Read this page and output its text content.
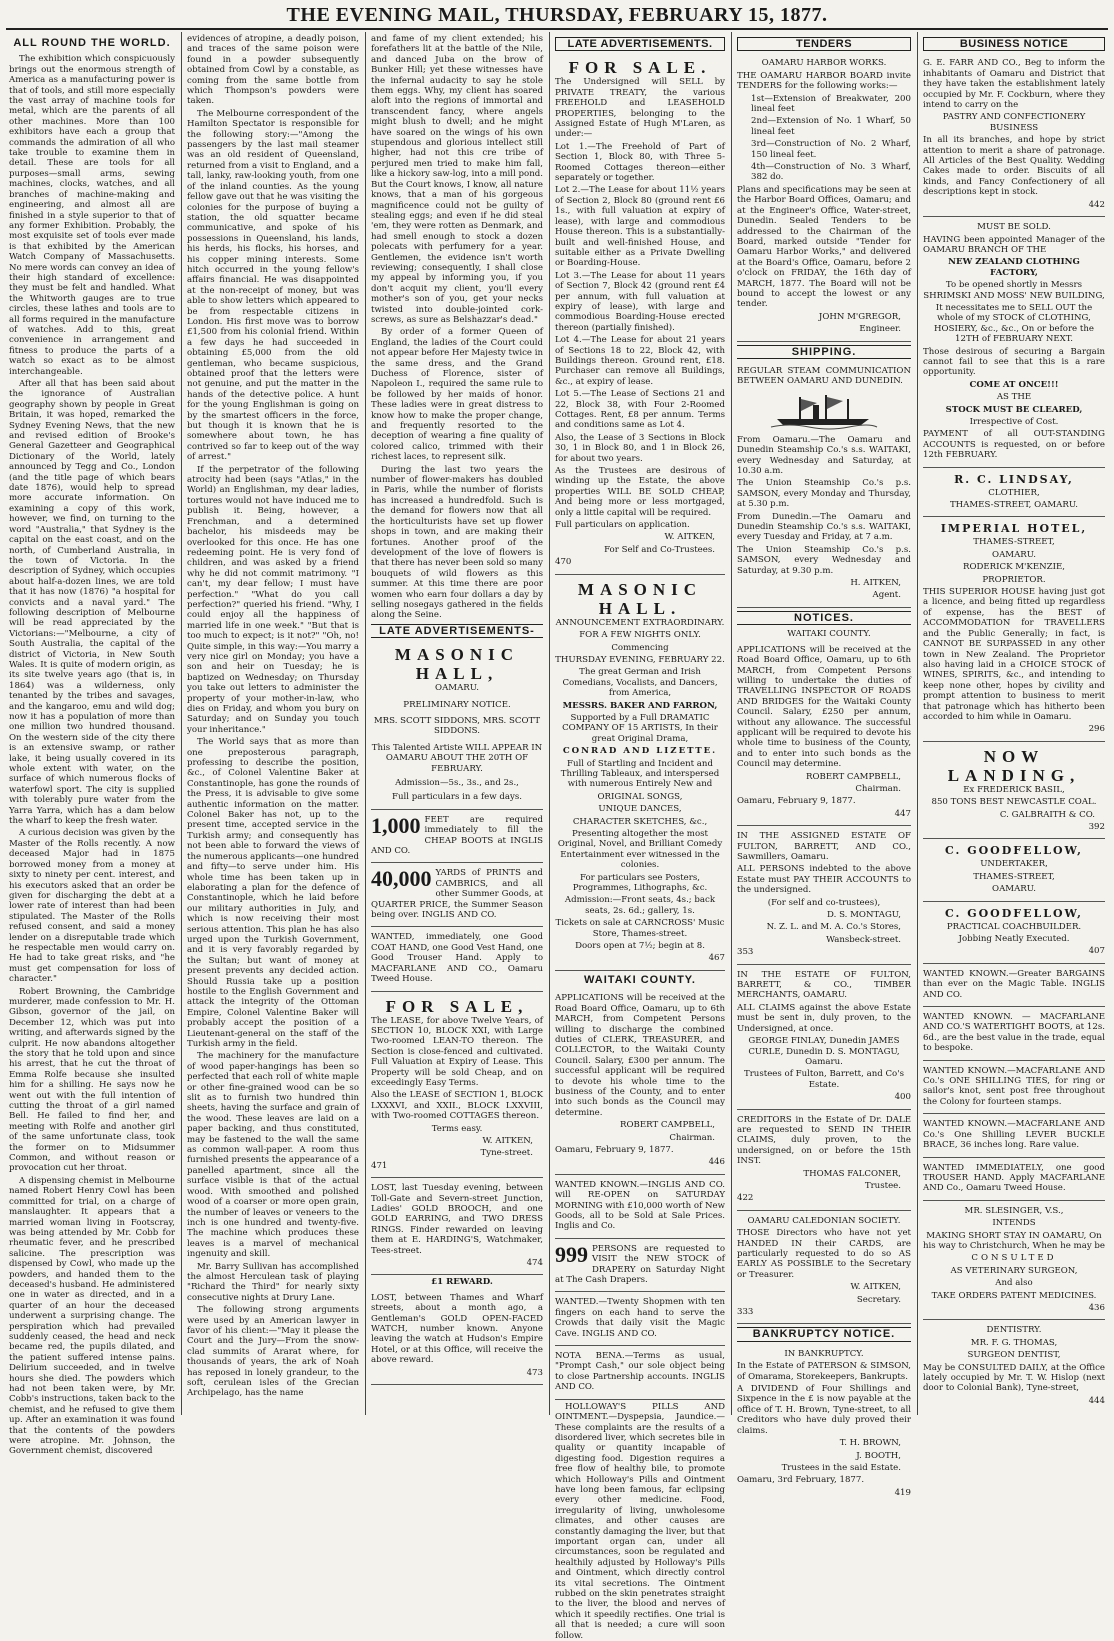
THE EVENING MAIL, THURSDAY, FEBRUARY 15, 1877.
ALL ROUND THE WORLD.

The exhibition which conspicuously brings out the enormous strength of America as a manufacturing power is that of tools, and still more especially the vast array of machine tools for metal, which are the parents of all other machines. More than 100 exhibitors have each a group that commands the admiration of all who take trouble to examine them in detail. These are tools for all purposes—small arms, sewing machines, clocks, watches, and all branches of machine-making and engineering, and almost all are finished in a style superior to that of any former Exhibition. Probably, the most exquisite set of tools ever made is that exhibited by the American Watch Company of Massachusetts. No mere words can convey an idea of their high standard of excellence: they must be felt and handled. What the Whitworth gauges are to true circles, these lathes and tools are to all forms required in the manufacture of watches. Add to this, great convenience in arrangement and fitness to produce the parts of a watch so exact as to be almost interchangeable.

After all that has been said about the ignorance of Australian geography shown by people in Great Britain, it was hoped, remarked the Sydney Evening News, that the new and revised edition of Brooke's General Gazetteer and Geographical Dictionary of the World, lately announced by Tegg and Co., London (and the title page of which bears date 1876), would help to spread more accurate information. On examining a copy of this work, however, we find, on turning to the word "Australia," that Sydney is the capital on the east coast, and on the north, of Cumberland Australia, in the town of Victoria. In the description of Sydney, which occupies about half-a-dozen lines, we are told that it has now (1876) "a hospital for convicts and a naval yard." The following description of Melbourne will be read appreciated by the Victorians:—"Melbourne, a city of South Australia, the capital of the district of Victoria, in New South Wales. It is quite of modern origin, as its site twelve years ago (that is, in 1864) was a wilderness, only tenanted by the tribes and savages, and the kangaroo, emu and wild dog; now it has a population of more than one million two hundred thousand. On the western side of the city there is an extensive swamp, or rather lake, it being usually covered in its whole extent with water, on the surface of which numerous flocks of waterfowl sport. The city is supplied with tolerably pure water from the Yarra Yarra, which has a dam below the wharf to keep the fresh water.

A curious decision was given by the Master of the Rolls recently. A now deceased Major had in 1875 borrowed money from a money at sixty to ninety per cent. interest, and his executors asked that an order be given for discharging the debt at a lower rate of interest than had been stipulated. The Master of the Rolls refused consent, and said a money lender on a disreputable trade which he respectable men would carry on. He had to take great risks, and "he must get compensation for loss of character."

Robert Browning, the Cambridge murderer, made confession to Mr. H. Gibson, governor of the jail, on December 12, which was put into writing, and afterwards signed by the culprit. He now abandons altogether the story that he told upon and since his arrest, that he cut the throat of Emma Rolfe because she insulted him for a shilling. He says now he went out with the full intention of cutting the throat of a girl named Bell. He failed to find her, and meeting with Rolfe and another girl of the same unfortunate class, took the former on to Midsummer Common, and without reason or provocation cut her throat.

A dispensing chemist in Melbourne named Robert Henry Cowl has been committed for trial, on a charge of manslaughter. It appears that a married woman living in Footscray, was being attended by Mr. Cobb for rheumatic fever, and he prescribed salicine. The prescription was dispensed by Cowl, who made up the powders, and handed them to the deceased's husband. He administered one in water as directed, and in a quarter of an hour the deceased underwent a surprising change. The perspiration which had prevailed suddenly ceased, the head and neck became red, the pupils dilated, and the patient suffered intense pains. Delirium succeeded, and in twelve hours she died. The powders which had not been taken were, by Mr. Cobb's instructions, taken back to the chemist, and he refused to give them up. After an examination it was found that the contents of the powders were atropine. Mr. Johnson, the Government chemist, discovered

evidences of atropine, a deadly poison, and traces of the same poison were found in a powder subsequently obtained from Cowl by a constable, as coming from the same bottle from which Thompson's powders were taken.

The Melbourne correspondent of the Hamilton Spectator is responsible for the following story:—"Among the passengers by the last mail steamer was an old resident of Queensland, returned from a visit to England, and a tall, lanky, raw-looking youth, from one of the inland counties. As the young fellow gave out that he was visiting the colonies for the purpose of buying a station, the old squatter became communicative, and spoke of his possessions in Queensland, his lands, his herds, his flocks, his horses, and his copper mining interests. Some hitch occurred in the young fellow's affairs financial. He was disappointed at the non-receipt of money, but was able to show letters which appeared to be from respectable citizens in London. His first move was to borrow £1,500 from his colonial friend. Within a few days he had succeeded in obtaining £5,000 from the old gentleman, who became suspicious, obtained proof that the letters were not genuine, and put the matter in the hands of the detective police. A hunt for the young Englishman is going on by the smartest officers in the force, but though it is known that he is somewhere about town, he has contrived so far to keep out of the way of arrest."

If the perpetrator of the following atrocity had been (says "Atlas," in the World) an Englishman, my dear ladies, tortures would not have induced me to publish it. Being, however, a Frenchman, and a determined bachelor, his misdeeds may be overlooked for this once. He has one redeeming point. He is very fond of children, and was asked by a friend why he did not commit matrimony. "I can't, my dear fellow; I must have perfection." "What do you call perfection?" queried his friend. "Why, I could enjoy all the happiness of married life in one week." "But that is too much to expect; is it not?" "Oh, no! Quite simple, in this way:—You marry a very nice girl on Monday; you have a son and heir on Tuesday; he is baptized on Wednesday; on Thursday you take out letters to administer the property of your mother-in-law, who dies on Friday, and whom you bury on Saturday; and on Sunday you touch your inheritance."

The World says that as more than one preposterous paragraph, professing to describe the position, &c., of Colonel Valentine Baker at Constantinople, has gone the rounds of the Press, it is advisable to give some authentic information on the matter. Colonel Baker has not, up to the present time, accepted service in the Turkish army; and consequently has not been able to forward the views of the numerous applicants—one hundred and fifty—to serve under him. His whole time has been taken up in elaborating a plan for the defence of Constantinople, which he laid before our military authorities in July, and which is now receiving their most serious attention. This plan he has also urged upon the Turkish Government, and it is very favorably regarded by the Sultan; but want of money at present prevents any decided action. Should Russia take up a position hostile to the English Government and attack the integrity of the Ottoman Empire, Colonel Valentine Baker will probably accept the position of a Lieutenant-general on the staff of the Turkish army in the field.

The machinery for the manufacture of wood paper-hangings has been so perfected that each roll of white maple or other fine-grained wood can be so slit as to furnish two hundred thin sheets, having the surface and grain of the wood. These leaves are laid on a paper backing, and thus constituted, may be fastened to the wall the same as common wall-paper. A room thus furnished presents the appearance of a panelled apartment, since all the surface visible is that of the actual wood. With smoothed and polished wood of a coarser or more open grain, the number of leaves or veneers to the inch is one hundred and twenty-five. The machine which produces these leaves is a marvel of mechanical ingenuity and skill.

Mr. Barry Sullivan has accomplished the almost Herculean task of playing "Richard the Third" for nearly sixty consecutive nights at Drury Lane.

The following strong arguments were used by an American lawyer in favor of his client:—"May it please the Court and the Jury—From the snow-clad summits of Ararat where, for thousands of years, the ark of Noah has reposed in lonely grandeur, to the soft, cerulean isles of the Grecian Archipelago, has the name

and fame of my client extended; his forefathers lit at the battle of the Nile, and danced Juba on the brow of Bunker Hill; yet these witnesses have the infernal audacity to say he stole them eggs. Why, my client has soared aloft into the regions of immortal and transcendent fancy, where angels might blush to dwell; and he might have soared on the wings of his own stupendous and glorious intellect still higher, had not this cre tribe of perjured men tried to make him fall, like a hickory saw-log, into a mill pond. But the Court knows, I know, all nature knows, that a man of his gorgeous magnificence could not be guilty of stealing eggs; and even if he did steal 'em, they were rotten as Denmark, and had smell enough to stock a dozen polecats with perfumery for a year. Gentlemen, the evidence isn't worth reviewing; consequently, I shall close my appeal by informing you, if you don't acquit my client, you'll every mother's son of you, get your necks twisted into double-jointed cork-screws, as sure as Belshazzar's dead."

By order of a former Queen of England, the ladies of the Court could not appear before Her Majesty twice in the same dress, and the Grand Duchess of Florence, sister of Napoleon I., required the same rule to be followed by her maids of honor. These ladies were in great distress to know how to make the proper change, and frequently resorted to the deception of wearing a fine quality of colored calico, trimmed with their richest laces, to represent silk.

During the last two years the number of flower-makers has doubled in Paris, while the number of florists has increased a hundredfold. Such is the demand for flowers now that all the horticulturists have set up flower shops in town, and are making their fortunes. Another proof of the development of the love of flowers is that there has never been sold so many bouquets of wild flowers as this summer. At this time there are poor women who earn four dollars a day by selling nosegays gathered in the fields along the Seine.

LATE ADVERTISEMENTS-
MASONIC HALL,

OAMARU.

PRELIMINARY NOTICE.

MRS. SCOTT SIDDONS, MRS. SCOTT SIDDONS.

This Talented Artiste WILL APPEAR IN OAMARU ABOUT THE 20TH OF FEBRUARY.

Admission—5s., 3s., and 2s.,

Full particulars in a few days.

1,000 FEET are required immediately to fill the CHEAP BOOTS at INGLIS AND CO.

40,000 YARDS of PRINTS and CAMBRICS, and all other Summer Goods, at QUARTER PRICE, the Summer Season being over. INGLIS AND CO.

WANTED, immediately, one Good COAT HAND, one Good Vest Hand, one Good Trouser Hand. Apply to MACFARLANE AND CO., Oamaru Tweed House.

FOR SALE,

The LEASE, for above Twelve Years, of SECTION 10, BLOCK XXI, with Large Two-roomed LEAN-TO thereon. The Section is close-fenced and cultivated. Full Valuation at Expiry of Lease. This Property will be sold Cheap, and on exceedingly Easy Terms.

Also the LEASE of SECTION 1, BLOCK LXXXVI, and XXII., BLOCK LXXVIII, with Two-roomed COTTAGES thereon.

Terms easy.

W. AITKEN,

Tyne-street.

471

LOST, last Tuesday evening, between Toll-Gate and Severn-street Junction, Ladies' GOLD BROOCH, and one GOLD EARRING, and TWO DRESS RINGS. Finder rewarded on leaving them at E. HARDING'S, Watchmaker, Tees-street.

474

£1 REWARD.

LOST, between Thames and Wharf streets, about a month ago, a Gentleman's GOLD OPEN-FACED WATCH, number known. Anyone leaving the watch at Hudson's Empire Hotel, or at this Office, will receive the above reward.

473

LATE ADVERTISEMENTS.
FOR SALE.

The Undersigned will SELL by PRIVATE TREATY, the various FREEHOLD and LEASEHOLD PROPERTIES, belonging to the Assigned Estate of Hugh M'Laren, as under:—

Lot 1.—The Freehold of Part of Section 1, Block 80, with Three 5-Roomed Cottages thereon—either separately or together.

Lot 2.—The Lease for about 11½ years of Section 2, Block 80 (ground rent £6 1s., with full valuation at expiry of lease), with large and commodious House thereon. This is a substantially-built and well-finished House, and suitable either as a Private Dwelling or Boarding-House.

Lot 3.—The Lease for about 11 years of Section 7, Block 42 (ground rent £4 per annum, with full valuation at expiry of lease), with large and commodious Boarding-House erected thereon (partially finished).

Lot 4.—The Lease for about 21 years of Sections 18 to 22, Block 42, with Buildings thereon. Ground rent, £18. Purchaser can remove all Buildings, &c., at expiry of lease.

Lot 5.—The Lease of Sections 21 and 22, Block 38, with Four 2-Roomed Cottages. Rent, £8 per annum. Terms and conditions same as Lot 4.

Also, the Lease of 3 Sections in Block 30, 1 in Block 80, and 1 in Block 26, for about two years.

As the Trustees are desirous of winding up the Estate, the above properties WILL BE SOLD CHEAP, And being more or less mortgaged, only a little capital will be required.

Full particulars on application.

W. AITKEN,

For Self and Co-Trustees.

470

MASONIC HALL.

ANNOUNCEMENT EXTRAORDINARY.

FOR A FEW NIGHTS ONLY.

Commencing

THURSDAY EVENING, FEBRUARY 22.

The great German and Irish Comedians, Vocalists, and Dancers, from America,

MESSRS. BAKER AND FARRON,

Supported by a Full DRAMATIC COMPANY OF 15 ARTISTS, In their great Original Drama,

CONRAD AND LIZETTE.

Full of Startling and Incident and Thrilling Tableaux, and interspersed with numerous Entirely New and

ORIGINAL SONGS,

UNIQUE DANCES,

CHARACTER SKETCHES, &c.,

Presenting altogether the most Original, Novel, and Brilliant Comedy Entertainment ever witnessed in the colonies.

For particulars see Posters, Programmes, Lithographs, &c.

Admission:—Front seats, 4s.; back seats, 2s. 6d.; gallery, 1s.

Tickets on sale at CARNCROSS' Music Store, Thames-street.

Doors open at 7½; begin at 8.

467

WAITAKI COUNTY.

APPLICATIONS will be received at the Road Board Office, Oamaru, up to 6th MARCH, from Competent Persons willing to discharge the combined duties of CLERK, TREASURER, and COLLECTOR, to the Waitaki County Council. Salary, £300 per annum. The successful applicant will be required to devote his whole time to the business of the County, and to enter into such bonds as the Council may determine.

ROBERT CAMPBELL,

Chairman.

Oamaru, February 9, 1877.

446

WANTED KNOWN.—INGLIS AND CO. will RE-OPEN on SATURDAY MORNING with £10,000 worth of New Goods, all to be Sold at Sale Prices. Inglis and Co.

999 PERSONS are requested to VISIT the NEW STOCK of DRAPERY on Saturday Night at The Cash Drapers.

WANTED.—Twenty Shopmen with ten fingers on each hand to serve the Crowds that daily visit the Magic Cave. INGLIS AND CO.

NOTA BENA.—Terms as usual, "Prompt Cash," our sole object being to close Partnership accounts. INGLIS AND CO.

HOLLOWAY'S PILLS AND OINTMENT.—Dyspepsia, Jaundice.—These complaints are the results of a disordered liver, which secretes bile in quality or quantity incapable of digesting food. Digestion requires a free flow of healthy bile, to promote which Holloway's Pills and Ointment have long been famous, far eclipsing every other medicine. Food, irregularity of living, unwholesome climates, and other causes are constantly damaging the liver, but that important organ can, under all circumstances, soon be regulated and healthily adjusted by Holloway's Pills and Ointment, which directly control its vital secretions. The Ointment rubbed on the skin penetrates straight to the liver, the blood and nerves of which it speedily rectifies. One trial is all that is needed; a cure will soon follow.

TENDERS

OAMARU HARBOR WORKS.

THE OAMARU HARBOR BOARD invite TENDERS for the following works:—

1st—Extension of Breakwater, 200 lineal feet

2nd—Extension of No. 1 Wharf, 50 lineal feet

3rd—Construction of No. 2 Wharf, 150 lineal feet.

4th—Construction of No. 3 Wharf, 382 do.

Plans and specifications may be seen at the Harbor Board Offices, Oamaru; and at the Engineer's Office, Water-street, Dunedin. Sealed Tenders to be addressed to the Chairman of the Board, marked outside "Tender for Oamaru Harbor Works," and delivered at the Board's Office, Oamaru, before 2 o'clock on FRIDAY, the 16th day of MARCH, 1877. The Board will not be bound to accept the lowest or any tender.

JOHN M'GREGOR,

Engineer.

SHIPPING.

REGULAR STEAM COMMUNICATION BETWEEN OAMARU AND DUNEDIN.

From Oamaru.—The Oamaru and Dunedin Steamship Co.'s s.s. WAITAKI, every Wednesday and Saturday, at 10.30 a.m.

The Union Steamship Co.'s p.s. SAMSON, every Monday and Thursday, at 5.30 p.m.

From Dunedin.—The Oamaru and Dunedin Steamship Co.'s s.s. WAITAKI, every Tuesday and Friday, at 7 a.m.

The Union Steamship Co.'s p.s. SAMSON, every Wednesday and Saturday, at 9.30 p.m.

H. AITKEN,

Agent.

NOTICES.

WAITAKI COUNTY.

APPLICATIONS will be received at the Road Board Office, Oamaru, up to 6th MARCH, from Competent Persons willing to undertake the duties of TRAVELLING INSPECTOR OF ROADS AND BRIDGES for the Waitaki County Council. Salary, £250 per annum, without any allowance. The successful applicant will be required to devote his whole time to business of the County, and to enter into such bonds as the Council may determine.

ROBERT CAMPBELL,

Chairman.

Oamaru, February 9, 1877.

447

IN THE ASSIGNED ESTATE OF FULTON, BARRETT, AND CO., Sawmillers, Oamaru.

ALL PERSONS indebted to the above Estate must PAY THEIR ACCOUNTS to the undersigned.

(For self and co-trustees),

D. S. MONTAGU,

N. Z. L. and M. A. Co.'s Stores,

Wansbeck-street.

353

IN THE ESTATE OF FULTON, BARRETT, & CO., TIMBER MERCHANTS, OAMARU.

ALL CLAIMS against the above Estate must be sent in, duly proven, to the Undersigned, at once.

GEORGE FINLAY, Dunedin JAMES CURLE, Dunedin D. S. MONTAGU, Oamaru.

Trustees of Fulton, Barrett, and Co's Estate.

400

CREDITORS in the Estate of Dr. DALE are requested to SEND IN THEIR CLAIMS, duly proven, to the undersigned, on or before the 15th INST.

THOMAS FALCONER,

Trustee.

422

OAMARU CALEDONIAN SOCIETY.

THOSE Directors who have not yet HANDED IN their CARDS, are particularly requested to do so AS EARLY AS POSSIBLE to the Secretary or Treasurer.

W. AITKEN,

Secretary.

333

BANKRUPTCY NOTICE.

IN BANKRUPTCY.

In the Estate of PATERSON & SIMSON, of Omarama, Storekeepers, Bankrupts.

A DIVIDEND of Four Shillings and Sixpence in the £ is now payable at the office of T. H. Brown, Tyne-street, to all Creditors who have duly proved their claims.

T. H. BROWN,

J. BOOTH,

Trustees in the said Estate.

Oamaru, 3rd February, 1877.

419

BUSINESS NOTICE

G. E. FARR AND CO., Beg to inform the inhabitants of Oamaru and District that they have taken the establishment lately occupied by Mr. F. Cockburn, where they intend to carry on the

PASTRY AND CONFECTIONERY BUSINESS

In all its branches, and hope by strict attention to merit a share of patronage. All Articles of the Best Quality. Wedding Cakes made to order. Biscuits of all kinds, and Fancy Confectionery of all descriptions kept in stock.

442

MUST BE SOLD.

HAVING been appointed Manager of the OAMARU BRANCH OF THE

NEW ZEALAND CLOTHING FACTORY,

To be opened shortly in Messrs SHRIMSKI AND MOSS' NEW BUILDING,

It necessitates me to SELL OUT the whole of my STOCK of CLOTHING, HOSIERY, &c., &c., On or before the 12TH of FEBRUARY NEXT.

Those desirous of securing a Bargain cannot fail to see that this is a rare opportunity.

COME AT ONCE!!!

AS THE

STOCK MUST BE CLEARED,

Irrespective of Cost.

PAYMENT of all OUT-STANDING ACCOUNTS is requested, on or before 12th FEBRUARY.

R. C. LINDSAY,

CLOTHIER,

THAMES-STREET, OAMARU.

IMPERIAL HOTEL,

THAMES-STREET,

OAMARU.

RODERICK M'KENZIE,

PROPRIETOR.

THIS SUPERIOR HOUSE having just got a licence, and being fitted up regardless of expense, has the BEST of ACCOMMODATION for TRAVELLERS and the Public Generally; in fact, is CANNOT BE SURPASSED in any other town in New Zealand. The Proprietor also having laid in a CHOICE STOCK of WINES, SPIRITS, &c., and intending to keep none other, hopes by civility and prompt attention to business to merit that patronage which has hitherto been accorded to him while in Oamaru.

296

NOW LANDING,

Ex FREDERICK BASIL,

850 TONS BEST NEWCASTLE COAL.

C. GALBRAITH & CO.

392

C. GOODFELLOW,

UNDERTAKER,

THAMES-STREET,

OAMARU.

C. GOODFELLOW,

PRACTICAL COACHBUILDER.

Jobbing Neatly Executed.

407

WANTED KNOWN.—Greater BARGAINS than ever on the Magic Table. INGLIS AND CO.

WANTED KNOWN. — MACFARLANE AND CO.'S WATERTIGHT BOOTS, at 12s. 6d., are the best value in the trade, equal to bespoke.

WANTED KNOWN.—MACFARLANE AND Co.'s ONE SHILLING TIES, for ring or sailor's knot, sent post free throughout the Colony for fourteen stamps.

WANTED KNOWN.—MACFARLANE AND Co.'s One Shilling LEVER BUCKLE BRACE, 36 inches long. Rare value.

WANTED IMMEDIATELY, one good TROUSER HAND. Apply MACFARLANE AND Co., Oamaru Tweed House.

MR. SLESINGER, V.S.,

INTENDS

MAKING SHORT STAY IN OAMARU, On his way to Christchurch, When he may be

CONSULTED

AS VETERINARY SURGEON,

And also

TAKE ORDERS PATENT MEDICINES.

436

DENTISTRY.

MR. F. G. THOMAS,

SURGEON DENTIST,

May be CONSULTED DAILY, at the Office lately occupied by Mr. T. W. Hislop (next door to Colonial Bank), Tyne-street,

444
